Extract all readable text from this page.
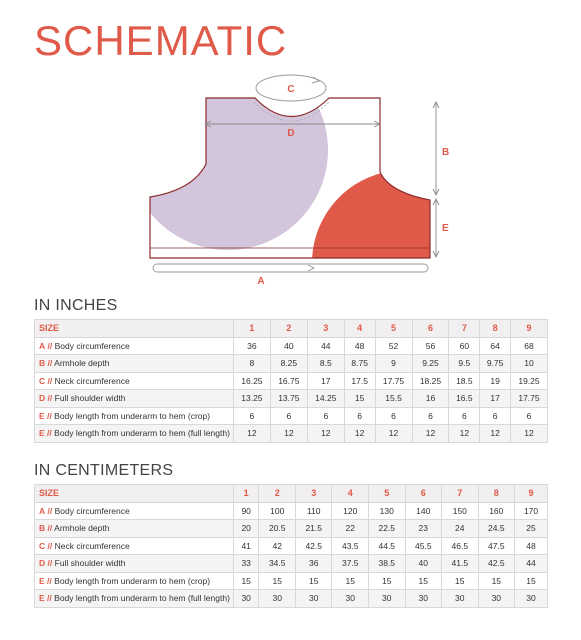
SCHEMATIC
C
D
B
E
A
IN INCHES
SIZE	1	2	3	4	5	6	7	8	9
A // Body circumference	36	40	44	48	52	56	60	64	68
B // Armhole depth	8	8.25	8.5	8.75	9	9.25	9.5	9.75	10
C // Neck circumference	16.25	16.75	17	17.5	17.75	18.25	18.5	19	19.25
D // Full shoulder width	13.25	13.75	14.25	15	15.5	16	16.5	17	17.75
E // Body length from underarm to hem (crop)	6	6	6	6	6	6	6	6	6
E // Body length from underarm to hem (full length)	12	12	12	12	12	12	12	12	12
IN CENTIMETERS
SIZE	1	2	3	4	5	6	7	8	9
A // Body circumference	90	100	110	120	130	140	150	160	170
B // Armhole depth	20	20.5	21.5	22	22.5	23	24	24.5	25
C // Neck circumference	41	42	42.5	43.5	44.5	45.5	46.5	47.5	48
D // Full shoulder width	33	34.5	36	37.5	38.5	40	41.5	42.5	44
E // Body length from underarm to hem (crop)	15	15	15	15	15	15	15	15	15
E // Body length from underarm to hem (full length)	30	30	30	30	30	30	30	30	30
